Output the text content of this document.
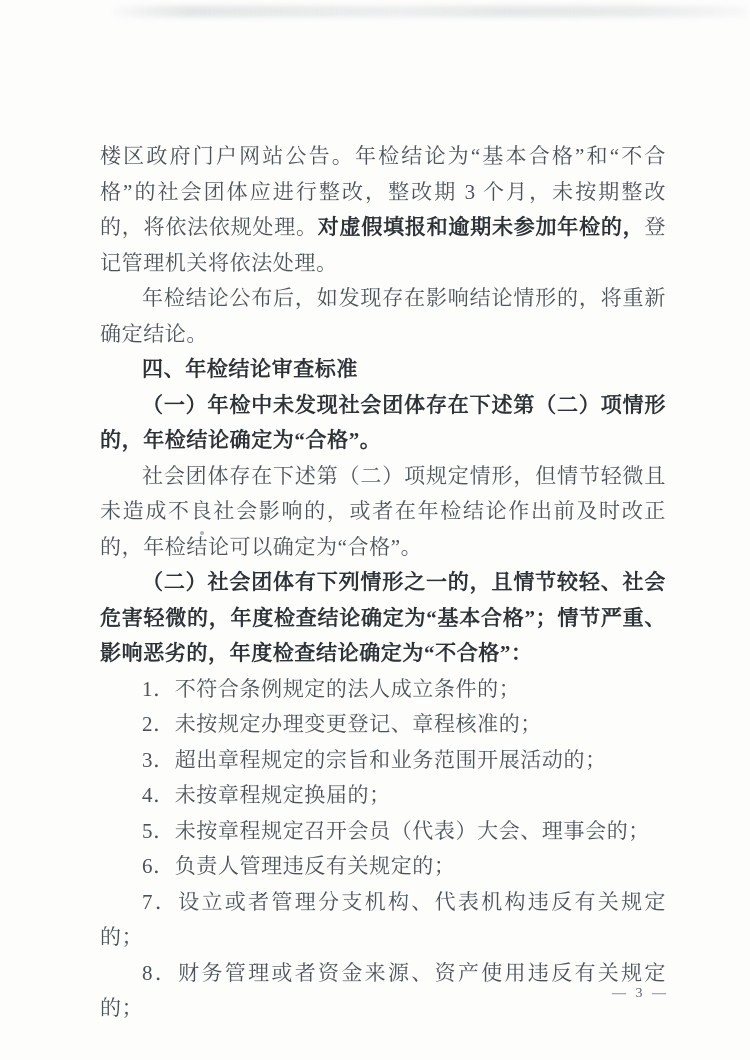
楼区政府门户网站公告。年检结论为“基本合格”和“不合格”的社会团体应进行整改，整改期 3 个月，未按期整改的，将依法依规处理。对虚假填报和逾期未参加年检的，登记管理机关将依法处理。

年检结论公布后，如发现存在影响结论情形的，将重新确定结论。

四、年检结论审查标准

（一）年检中未发现社会团体存在下述第（二）项情形的，年检结论确定为“合格”。

社会团体存在下述第（二）项规定情形，但情节轻微且未造成不良社会影响的，或者在年检结论作出前及时改正的，年检结论可以确定为“合格”。

（二）社会团体有下列情形之一的，且情节较轻、社会危害轻微的，年度检查结论确定为“基本合格”；情节严重、影响恶劣的，年度检查结论确定为“不合格”：

1．不符合条例规定的法人成立条件的；

2．未按规定办理变更登记、章程核准的；

3．超出章程规定的宗旨和业务范围开展活动的；

4．未按章程规定换届的；

5．未按章程规定召开会员（代表）大会、理事会的；

6．负责人管理违反有关规定的；

7．设立或者管理分支机构、代表机构违反有关规定的；

8．财务管理或者资金来源、资产使用违反有关规定的；

— 3 —
